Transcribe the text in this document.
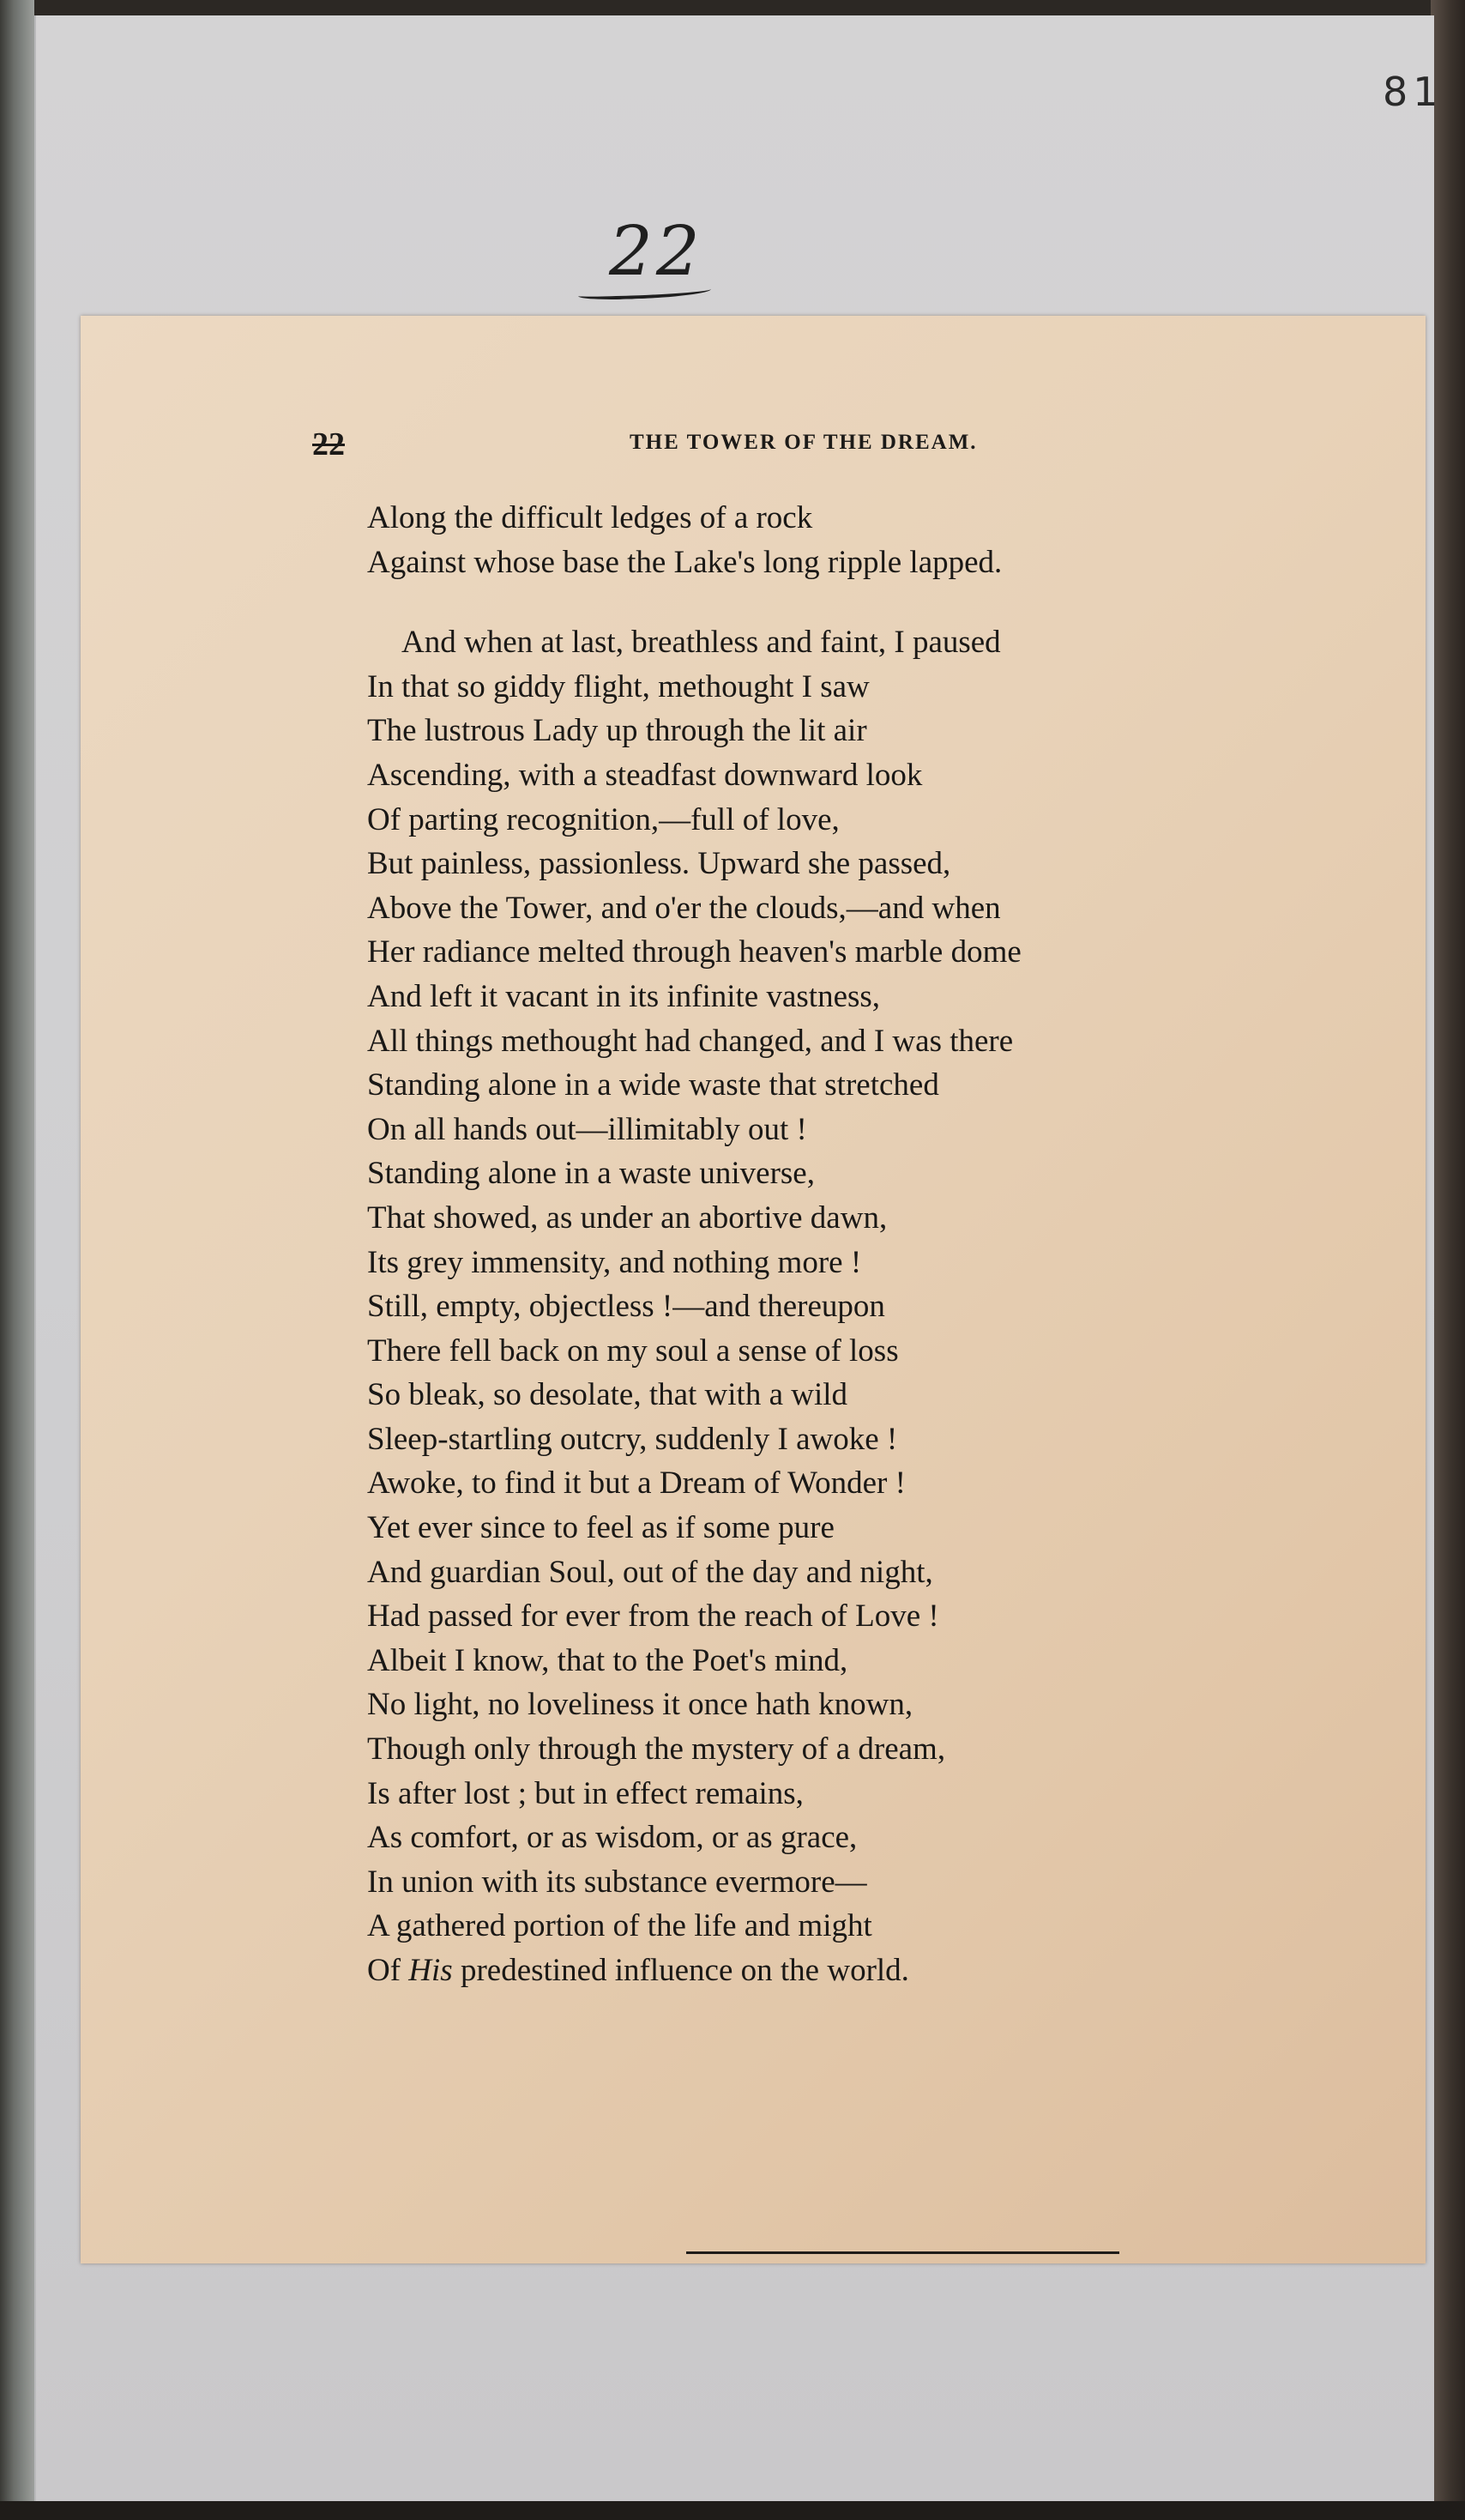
81
22
22	THE TOWER OF THE DREAM.
Along the difficult ledges of a rock
Against whose base the Lake's long ripple lapped.
And when at last, breathless and faint, I paused
In that so giddy flight, methought I saw
The lustrous Lady up through the lit air
Ascending, with a steadfast downward look
Of parting recognition,—full of love,
But painless, passionless. Upward she passed,
Above the Tower, and o'er the clouds,—and when
Her radiance melted through heaven's marble dome
And left it vacant in its infinite vastness,
All things methought had changed, and I was there
Standing alone in a wide waste that stretched
On all hands out—illimitably out !
Standing alone in a waste universe,
That showed, as under an abortive dawn,
Its grey immensity, and nothing more !
Still, empty, objectless !—and thereupon
There fell back on my soul a sense of loss
So bleak, so desolate, that with a wild
Sleep-startling outcry, suddenly I awoke !
Awoke, to find it but a Dream of Wonder !
Yet ever since to feel as if some pure
And guardian Soul, out of the day and night,
Had passed for ever from the reach of Love !
Albeit I know, that to the Poet's mind,
No light, no loveliness it once hath known,
Though only through the mystery of a dream,
Is after lost ; but in effect remains,
As comfort, or as wisdom, or as grace,
In union with its substance evermore—
A gathered portion of the life and might
Of His predestined influence on the world.
